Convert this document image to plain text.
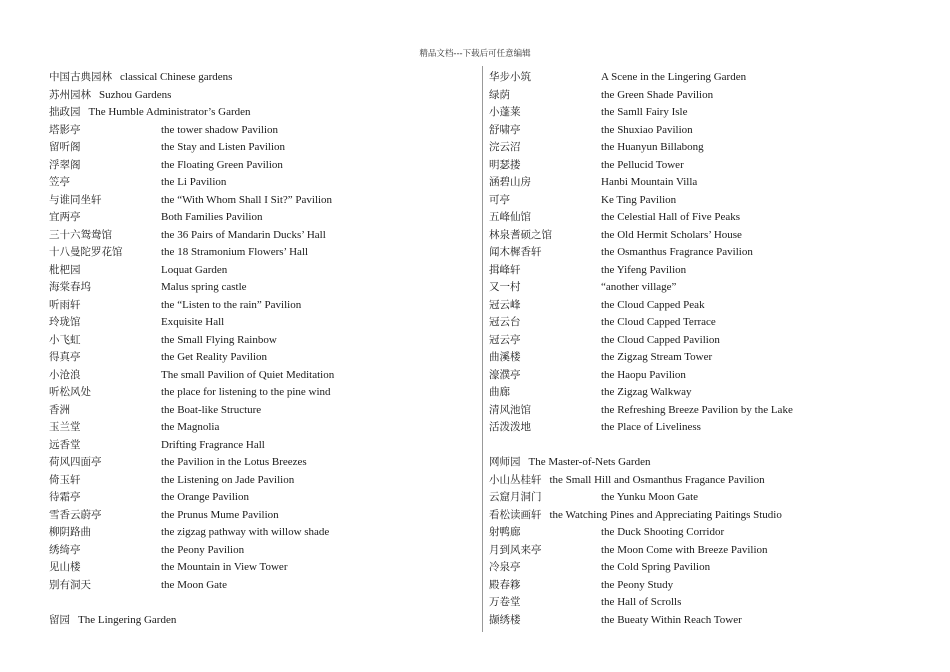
精品文档---下载后可任意编辑
中国古典园林 classical Chinese gardens
苏州园林 Suzhou Gardens
拙政园 The Humble Administrator’s Garden
塔影亭	the tower shadow Pavilion
留听阁	the Stay and Listen Pavilion
浮翠阁	the Floating Green Pavilion
笠亭	the Li Pavilion
与谁同坐轩	the “With Whom Shall I Sit?” Pavilion
宜两亭	Both Families Pavilion
三十六鸳鸯馆	the 36 Pairs of Mandarin Ducks’ Hall
十八曼陀罗花馆	the 18 Stramonium Flowers’ Hall
枇杷园	Loquat Garden
海棠春坞	Malus spring castle
听雨轩	the “Listen to the rain” Pavilion
玲珑馆	Exquisite Hall
小飞虹	the Small Flying Rainbow
得真亭	the Get Reality Pavilion
小沧浪	The small Pavilion of Quiet Meditation
听松风处	the place for listening to the pine wind
香洲	the Boat-like Structure
玉兰堂	the Magnolia
远香堂	Drifting Fragrance Hall
荷风四面亭	the Pavilion in the Lotus Breezes
倚玉轩	the Listening on Jade Pavilion
待霜亭	the Orange Pavilion
雪香云蔚亭	the Prunus Mume Pavilion
柳阴路曲	the zigzag pathway with willow shade
绣绮亭	the Peony Pavilion
见山楼	the Mountain in View Tower
别有洞天	the Moon Gate
留园 The Lingering Garden
华步小筑	A Scene in the Lingering Garden
绿荫	the Green Shade Pavilion
小蓬莱	the Samll Fairy Isle
舒啸亭	the Shuxiao Pavilion
浣云沼	the Huanyun Billabong
明瑟搂	the Pellucid Tower
涵碧山房	Hanbi Mountain Villa
可亭	Ke Ting Pavilion
五峰仙馆	the Celestial Hall of Five Peaks
林泉耆硕之馆	the Old Hermit Scholars’ House
闻木樨香轩	the Osmanthus Fragrance Pavilion
揖峰轩	the Yifeng Pavilion
又一村	“another village”
冠云峰	the Cloud Capped Peak
冠云台	the Cloud Capped Terrace
冠云亭	the Cloud Capped Pavilion
曲溪楼	the Zigzag Stream Tower
濠濮亭	the Haopu Pavilion
曲廊	the Zigzag Walkway
清风池馆	the Refreshing Breeze Pavilion by the Lake
活泼泼地	the Place of Liveliness
网师园 The Master-of-Nets Garden
小山丛桂轩 the Small Hill and Osmanthus Fragance Pavilion
云窟月洞门	the Yunku Moon Gate
看松读画轩 the Watching Pines and Appreciating Paitings Studio
射鸭廊	the Duck Shooting Corridor
月到风来亭	the Moon Come with Breeze Pavilion
冷泉亭	the Cold Spring Pavilion
殿春簃	the Peony Study
万卷堂	the Hall of Scrolls
撷绣楼	the Bueaty Within Reach Tower
